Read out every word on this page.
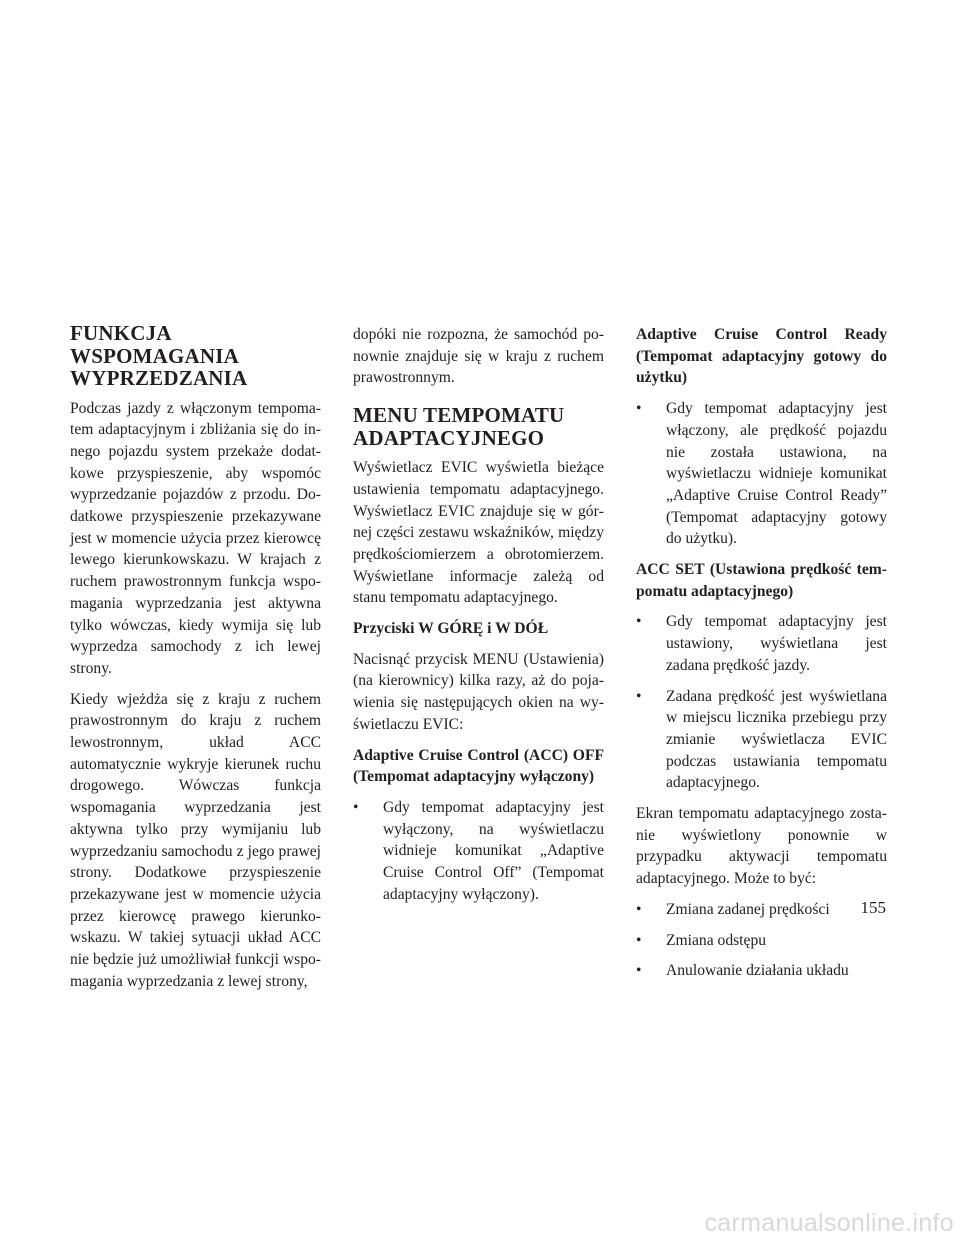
FUNKCJA
WSPOMAGANIA
WYPRZEDZANIA

Podczas jazdy z włączonym tempomatem adaptacyjnym i zbliżania się do innego pojazdu system przekaże dodatkowe przyspieszenie, aby wspomóc wyprzedzanie pojazdów z przodu. Dodatkowe przyspieszenie przekazywane jest w momencie użycia przez kierowcę lewego kierunkowskazu. W krajach z ruchem prawostronnym funkcja wspomagania wyprzedzania jest aktywna tylko wówczas, kiedy wymija się lub wyprzedza samochody z ich lewej strony.

Kiedy wjeżdża się z kraju z ruchem prawostronnym do kraju z ruchem lewostronnym, układ ACC automatycznie wykryje kierunek ruchu drogowego. Wówczas funkcja wspomagania wyprzedzania jest aktywna tylko przy wymijaniu lub wyprzedzaniu samochodu z jego prawej strony. Dodatkowe przyspieszenie przekazywane jest w momencie użycia przez kierowcę prawego kierunkowskazu. W takiej sytuacji układ ACC nie będzie już umożliwiał funkcji wspomagania wyprzedzania z lewej strony,

dopóki nie rozpozna, że samochód ponownie znajduje się w kraju z ruchem prawostronnym.

MENU TEMPOMATU ADAPTACYJNEGO

Wyświetlacz EVIC wyświetla bieżące ustawienia tempomatu adaptacyjnego. Wyświetlacz EVIC znajduje się w górnej części zestawu wskaźników, między prędkościomierzem a obrotomierzem. Wyświetlane informacje zależą od stanu tempomatu adaptacyjnego.

Przyciski W GÓRĘ i W DÓŁ

Nacisnąć przycisk MENU (Ustawienia) (na kierownicy) kilka razy, aż do pojawienia się następujących okien na wyświetlaczu EVIC:

Adaptive Cruise Control (ACC) OFF (Tempomat adaptacyjny wyłączony)
• Gdy tempomat adaptacyjny jest wyłączony, na wyświetlaczu widnieje komunikat „Adaptive Cruise Control Off” (Tempomat adaptacyjny wyłączony).
Adaptive Cruise Control Ready (Tempomat adaptacyjny gotowy do użytku)
• Gdy tempomat adaptacyjny jest włączony, ale prędkość pojazdu nie została ustawiona, na wyświetlaczu widnieje komunikat „Adaptive Cruise Control Ready” (Tempomat adaptacyjny gotowy do użytku).
ACC SET (Ustawiona prędkość tempomatu adaptacyjnego)
• Gdy tempomat adaptacyjny jest ustawiony, wyświetlana jest zadana prędkość jazdy.
• Zadana prędkość jest wyświetlana w miejscu licznika przebiegu przy zmianie wyświetlacza EVIC podczas ustawiania tempomatu adaptacyjnego.

Ekran tempomatu adaptacyjnego zostanie wyświetlony ponownie w przypadku aktywacji tempomatu adaptacyjnego. Może to być:

• Zmiana zadanej prędkości
• Zmiana odstępu
• Anulowanie działania układu
155
carmanualsonline.info
